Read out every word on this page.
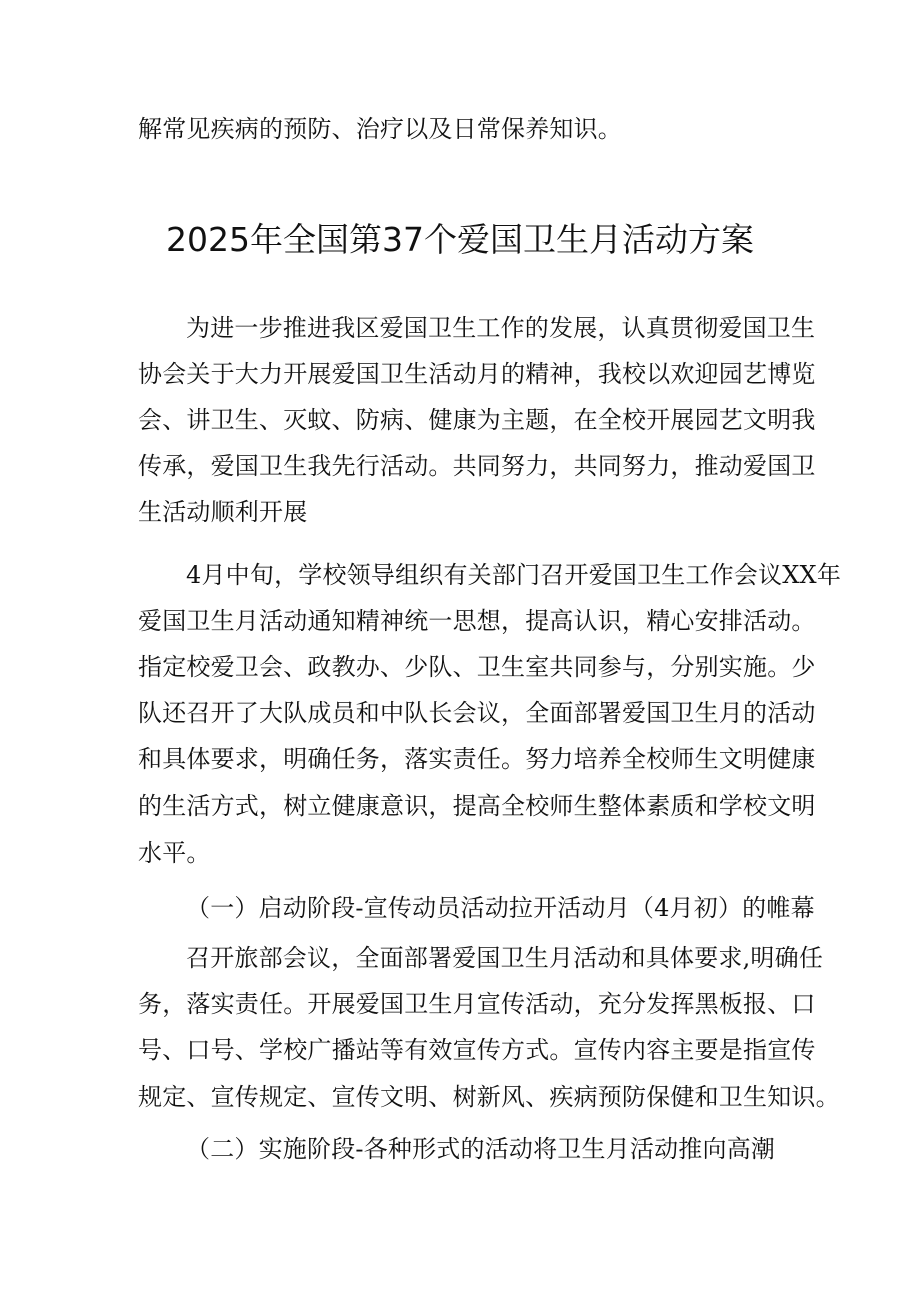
解常见疾病的预防、治疗以及日常保养知识。
2025年全国第37个爱国卫生月活动方案
为进一步推进我区爱国卫生工作的发展，认真贯彻爱国卫生
协会关于大力开展爱国卫生活动月的精神，我校以欢迎园艺博览
会、讲卫生、灭蚊、防病、健康为主题，在全校开展园艺文明我
传承，爱国卫生我先行活动。共同努力，共同努力，推动爱国卫
生活动顺利开展
4月中旬，学校领导组织有关部门召开爱国卫生工作会议XX年
爱国卫生月活动通知精神统一思想，提高认识，精心安排活动。
指定校爱卫会、政教办、少队、卫生室共同参与，分别实施。少
队还召开了大队成员和中队长会议，全面部署爱国卫生月的活动
和具体要求，明确任务，落实责任。努力培养全校师生文明健康
的生活方式，树立健康意识，提高全校师生整体素质和学校文明
水平。
（一）启动阶段-宣传动员活动拉开活动月（4月初）的帷幕
召开旅部会议，全面部署爱国卫生月活动和具体要求,明确任
务，落实责任。开展爱国卫生月宣传活动，充分发挥黑板报、口
号、口号、学校广播站等有效宣传方式。宣传内容主要是指宣传
规定、宣传规定、宣传文明、树新风、疾病预防保健和卫生知识。
（二）实施阶段-各种形式的活动将卫生月活动推向高潮
